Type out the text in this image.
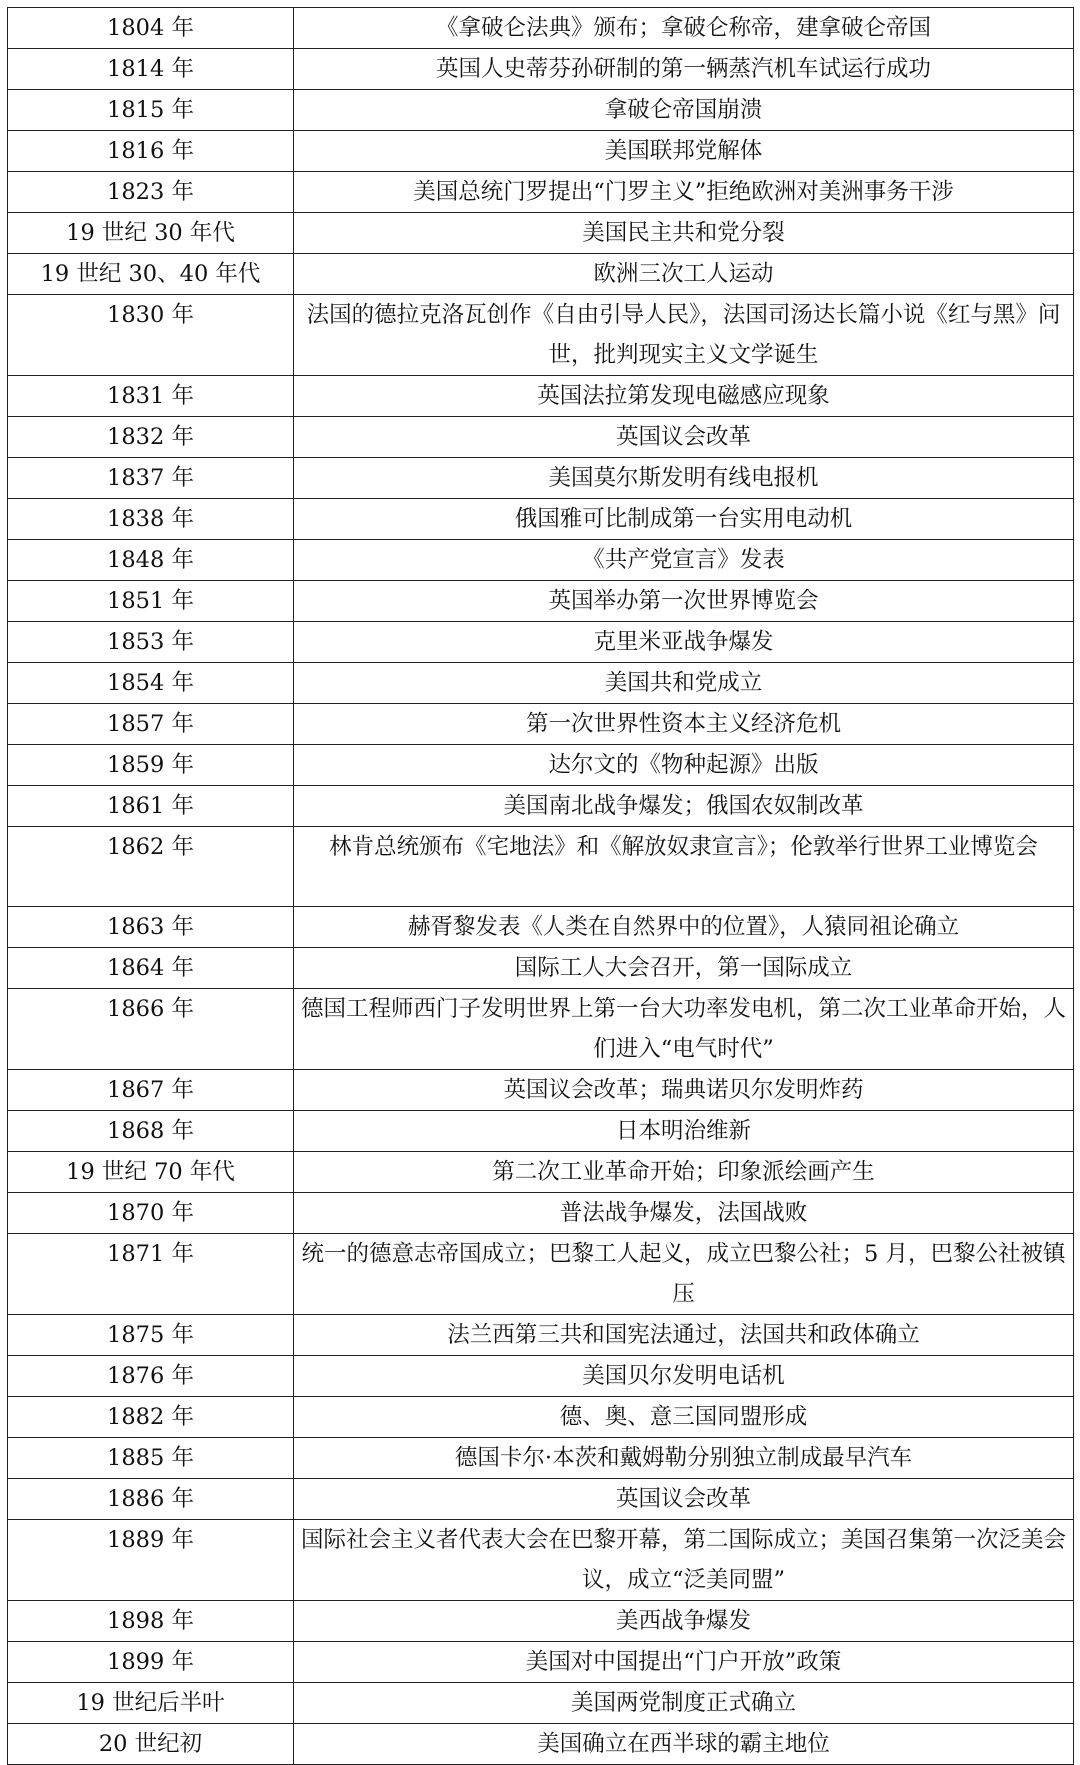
1804 年	《拿破仑法典》颁布；拿破仑称帝，建拿破仑帝国
1814 年	英国人史蒂芬孙研制的第一辆蒸汽机车试运行成功
1815 年	拿破仑帝国崩溃
1816 年	美国联邦党解体
1823 年	美国总统门罗提出“门罗主义”拒绝欧洲对美洲事务干涉
19 世纪 30 年代	美国民主共和党分裂
19 世纪 30、40 年代	欧洲三次工人运动
1830 年	法国的德拉克洛瓦创作《自由引导人民》，法国司汤达长篇小说《红与黑》问世，批判现实主义文学诞生
1831 年	英国法拉第发现电磁感应现象
1832 年	英国议会改革
1837 年	美国莫尔斯发明有线电报机
1838 年	俄国雅可比制成第一台实用电动机
1848 年	《共产党宣言》发表
1851 年	英国举办第一次世界博览会
1853 年	克里米亚战争爆发
1854 年	美国共和党成立
1857 年	第一次世界性资本主义经济危机
1859 年	达尔文的《物种起源》出版
1861 年	美国南北战争爆发；俄国农奴制改革
1862 年	林肯总统颁布《宅地法》和《解放奴隶宣言》；伦敦举行世界工业博览会
1863 年	赫胥黎发表《人类在自然界中的位置》，人猿同祖论确立
1864 年	国际工人大会召开，第一国际成立
1866 年	德国工程师西门子发明世界上第一台大功率发电机，第二次工业革命开始，人们进入“电气时代”
1867 年	英国议会改革；瑞典诺贝尔发明炸药
1868 年	日本明治维新
19 世纪 70 年代	第二次工业革命开始；印象派绘画产生
1870 年	普法战争爆发，法国战败
1871 年	统一的德意志帝国成立；巴黎工人起义，成立巴黎公社；5 月，巴黎公社被镇压
1875 年	法兰西第三共和国宪法通过，法国共和政体确立
1876 年	美国贝尔发明电话机
1882 年	德、奥、意三国同盟形成
1885 年	德国卡尔·本茨和戴姆勒分别独立制成最早汽车
1886 年	英国议会改革
1889 年	国际社会主义者代表大会在巴黎开幕，第二国际成立；美国召集第一次泛美会议，成立“泛美同盟”
1898 年	美西战争爆发
1899 年	美国对中国提出“门户开放”政策
19 世纪后半叶	美国两党制度正式确立
20 世纪初	美国确立在西半球的霸主地位
